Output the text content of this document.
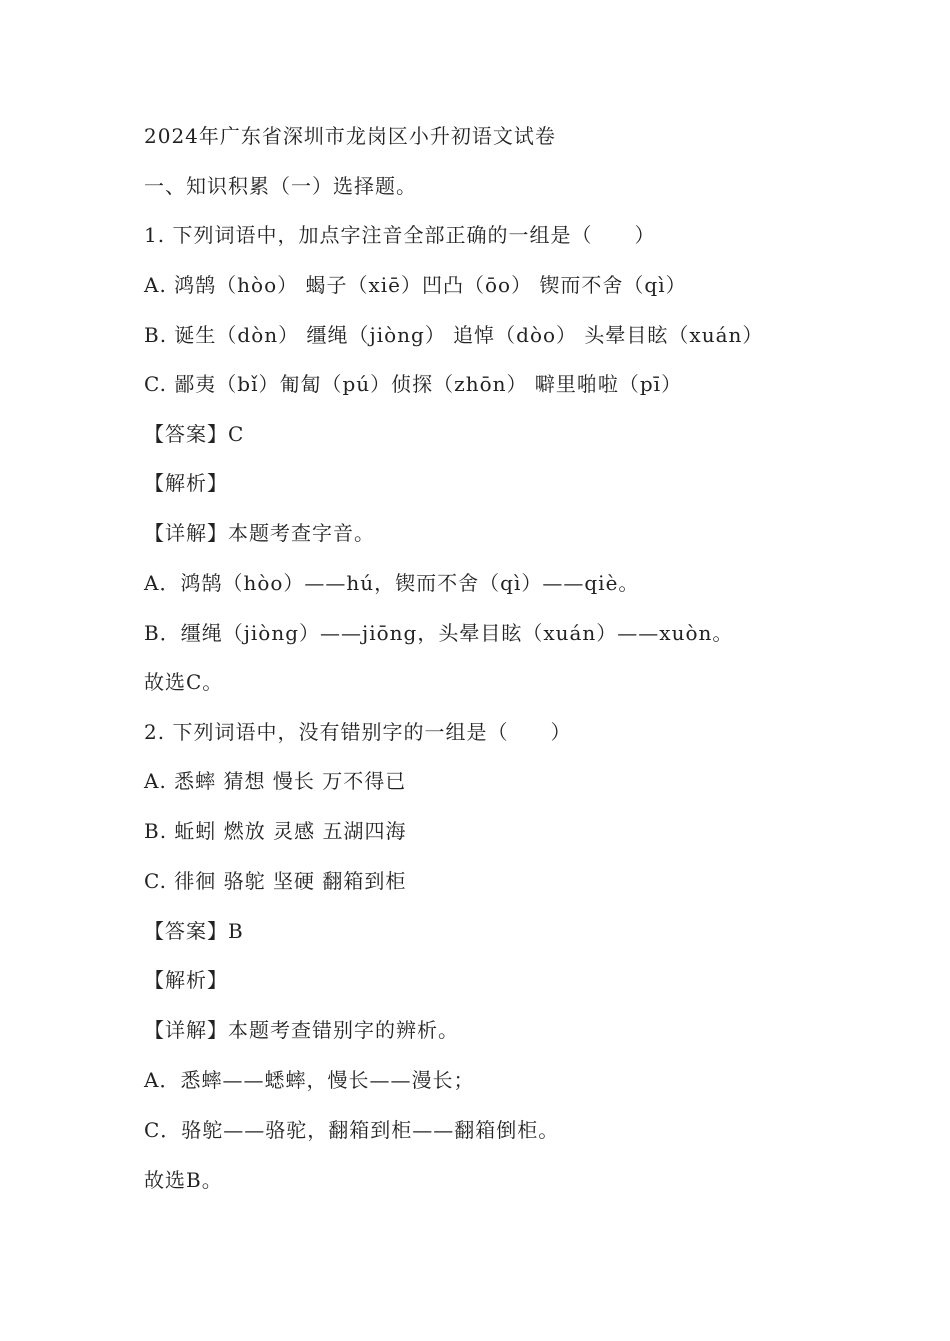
2024年广东省深圳市龙岗区小升初语文试卷
一、知识积累（一）选择题。
1. 下列词语中，加点字注音全部正确的一组是（　　）
A. 鸿鹄（hòo） 蝎子（xiē）凹凸（ōo） 锲而不舍（qì）
B. 诞生（dòn） 缰绳（jiòng） 追悼（dòo） 头晕目眩（xuán）
C. 鄙夷（bǐ）匍匐（pú）侦探（zhōn） 噼里啪啦（pī）
【答案】C
【解析】
【详解】本题考查字音。
A．鸿鹄（hòo）——hú，锲而不舍（qì）——qiè。
B．缰绳（jiòng）——jiōng，头晕目眩（xuán）——xuòn。
故选C。
2. 下列词语中，没有错别字的一组是（　　）
A. 悉蟀 猜想 慢长 万不得已
B. 蚯蚓 燃放 灵感 五湖四海
C. 徘徊 骆鸵 坚硬 翻箱到柜
【答案】B
【解析】
【详解】本题考查错别字的辨析。
A．悉蟀——蟋蟀，慢长——漫长；
C．骆鸵——骆驼，翻箱到柜——翻箱倒柜。
故选B。
